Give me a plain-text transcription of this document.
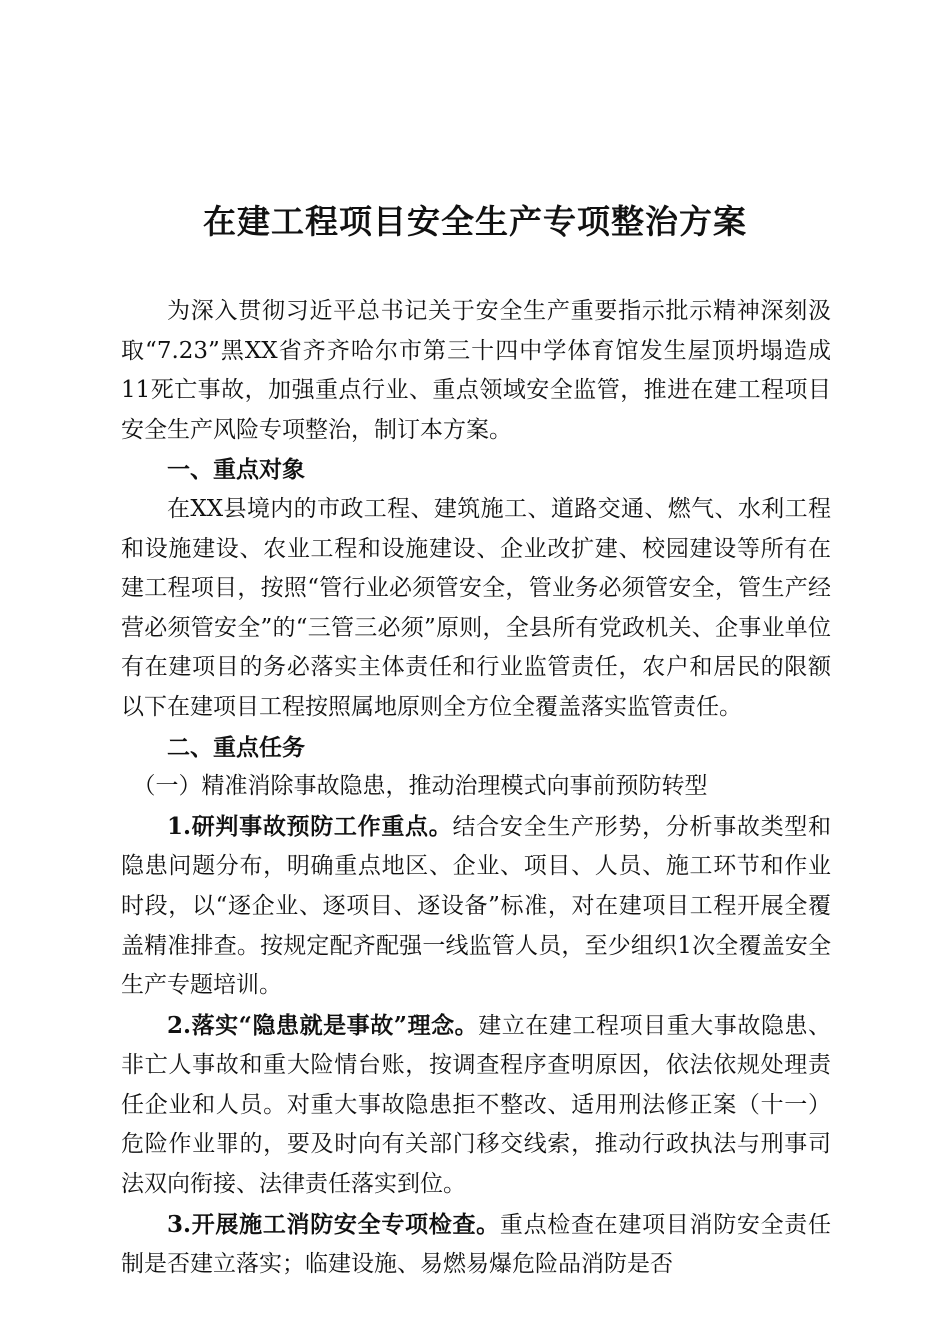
在建工程项目安全生产专项整治方案

为深入贯彻习近平总书记关于安全生产重要指示批示精神深刻汲取“7.23”黑XX省齐齐哈尔市第三十四中学体育馆发生屋顶坍塌造成11死亡事故，加强重点行业、重点领域安全监管，推进在建工程项目安全生产风险专项整治，制订本方案。

一、重点对象

在XX县境内的市政工程、建筑施工、道路交通、燃气、水利工程和设施建设、农业工程和设施建设、企业改扩建、校园建设等所有在建工程项目，按照“管行业必须管安全，管业务必须管安全，管生产经营必须管安全”的“三管三必须”原则，全县所有党政机关、企事业单位有在建项目的务必落实主体责任和行业监管责任，农户和居民的限额以下在建项目工程按照属地原则全方位全覆盖落实监管责任。

二、重点任务

（一）精准消除事故隐患，推动治理模式向事前预防转型

1.研判事故预防工作重点。结合安全生产形势，分析事故类型和隐患问题分布，明确重点地区、企业、项目、人员、施工环节和作业时段，以“逐企业、逐项目、逐设备”标准，对在建项目工程开展全覆盖精准排查。按规定配齐配强一线监管人员，至少组织1次全覆盖安全生产专题培训。

2.落实“隐患就是事故”理念。建立在建工程项目重大事故隐患、非亡人事故和重大险情台账，按调查程序查明原因，依法依规处理责任企业和人员。对重大事故隐患拒不整改、适用刑法修正案（十一）危险作业罪的，要及时向有关部门移交线索，推动行政执法与刑事司法双向衔接、法律责任落实到位。

3.开展施工消防安全专项检查。重点检查在建项目消防安全责任制是否建立落实；临建设施、易燃易爆危险品消防是否
